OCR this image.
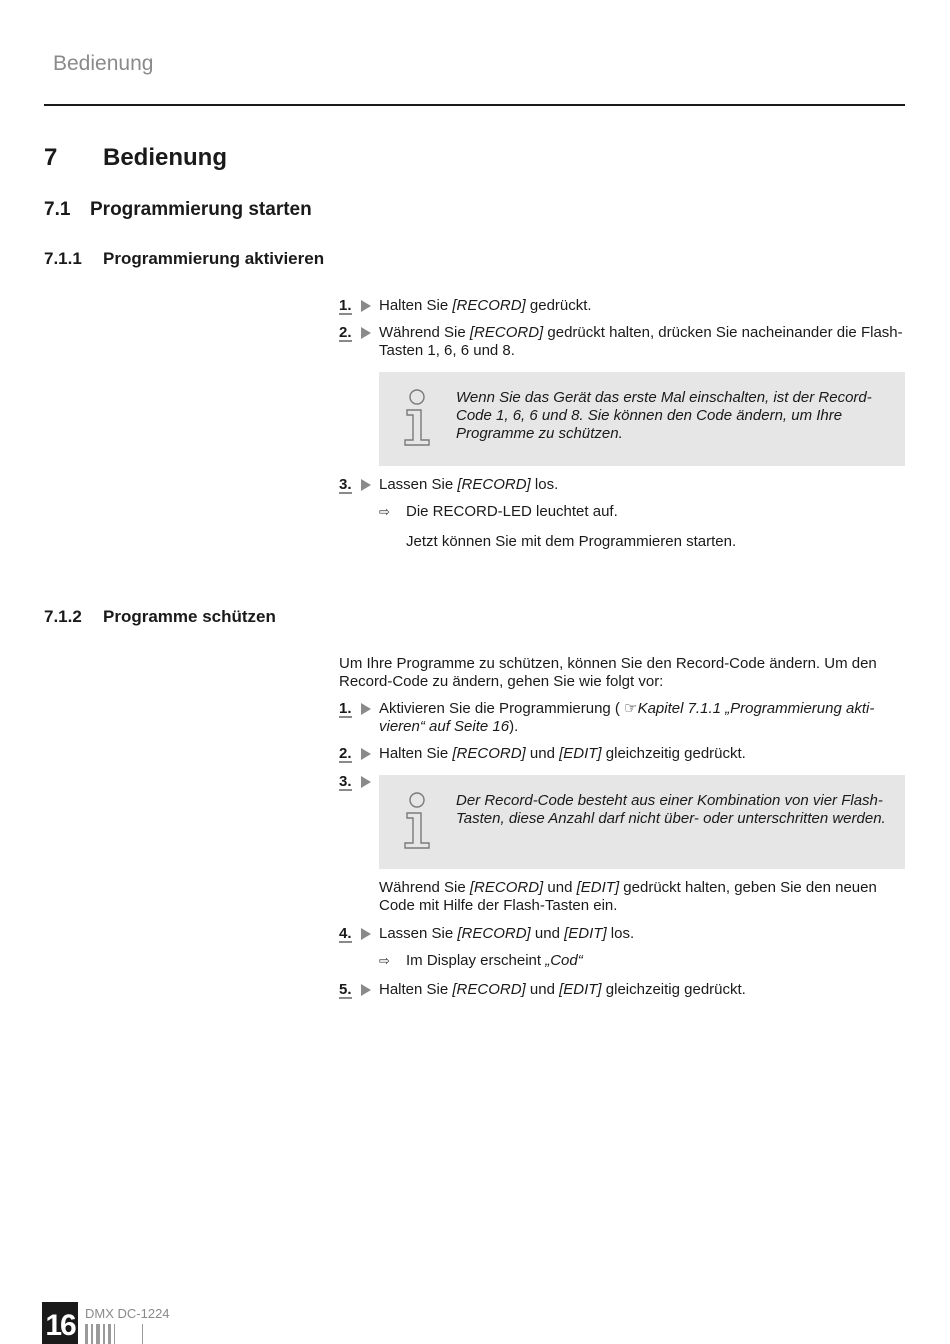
Bedienung
7 Bedienung
7.1 Programmierung starten
7.1.1 Programmierung aktivieren
1.	Halten Sie [RECORD] gedrückt.
2.	Während Sie [RECORD] gedrückt halten, drücken Sie nacheinander die Flash-Tasten 1, 6, 6 und 8.
Wenn Sie das Gerät das erste Mal einschalten, ist der Record-Code 1, 6, 6 und 8. Sie können den Code ändern, um Ihre Programme zu schützen.
3.	Lassen Sie [RECORD] los.
⇨ Die RECORD-LED leuchtet auf.
Jetzt können Sie mit dem Programmieren starten.
7.1.2 Programme schützen
Um Ihre Programme zu schützen, können Sie den Record-Code ändern. Um den Record-Code zu ändern, gehen Sie wie folgt vor:
1.	Aktivieren Sie die Programmierung ( ☞Kapitel 7.1.1 „Programmierung akti-vieren“ auf Seite 16).
2.	Halten Sie [RECORD] und [EDIT] gleichzeitig gedrückt.
3.
Der Record-Code besteht aus einer Kombination von vier Flash-Tasten, diese Anzahl darf nicht über- oder unterschritten werden.
Während Sie [RECORD] und [EDIT] gedrückt halten, geben Sie den neuen Code mit Hilfe der Flash-Tasten ein.
4.	Lassen Sie [RECORD] und [EDIT] los.
⇨ Im Display erscheint „Cod“
5.	Halten Sie [RECORD] und [EDIT] gleichzeitig gedrückt.
16 DMX DC-1224
